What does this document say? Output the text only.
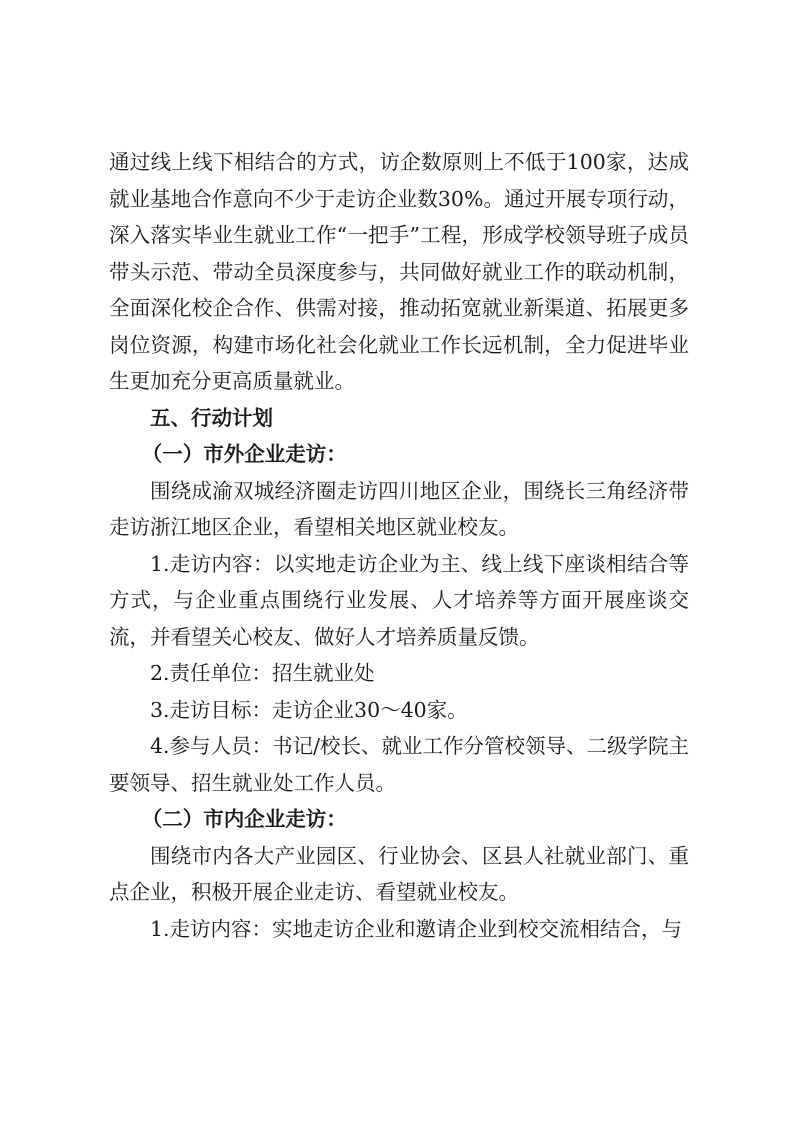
通过线上线下相结合的方式，访企数原则上不低于100家，达成就业基地合作意向不少于走访企业数30%。通过开展专项行动，深入落实毕业生就业工作“一把手”工程，形成学校领导班子成员带头示范、带动全员深度参与，共同做好就业工作的联动机制，全面深化校企合作、供需对接，推动拓宽就业新渠道、拓展更多岗位资源，构建市场化社会化就业工作长远机制，全力促进毕业生更加充分更高质量就业。

五、行动计划

（一）市外企业走访：

围绕成渝双城经济圈走访四川地区企业，围绕长三角经济带走访浙江地区企业，看望相关地区就业校友。

1.走访内容：以实地走访企业为主、线上线下座谈相结合等方式，与企业重点围绕行业发展、人才培养等方面开展座谈交流，并看望关心校友、做好人才培养质量反馈。

2.责任单位：招生就业处

3.走访目标：走访企业30～40家。

4.参与人员：书记/校长、就业工作分管校领导、二级学院主要领导、招生就业处工作人员。

（二）市内企业走访：

围绕市内各大产业园区、行业协会、区县人社就业部门、重点企业，积极开展企业走访、看望就业校友。

1.走访内容：实地走访企业和邀请企业到校交流相结合，与
